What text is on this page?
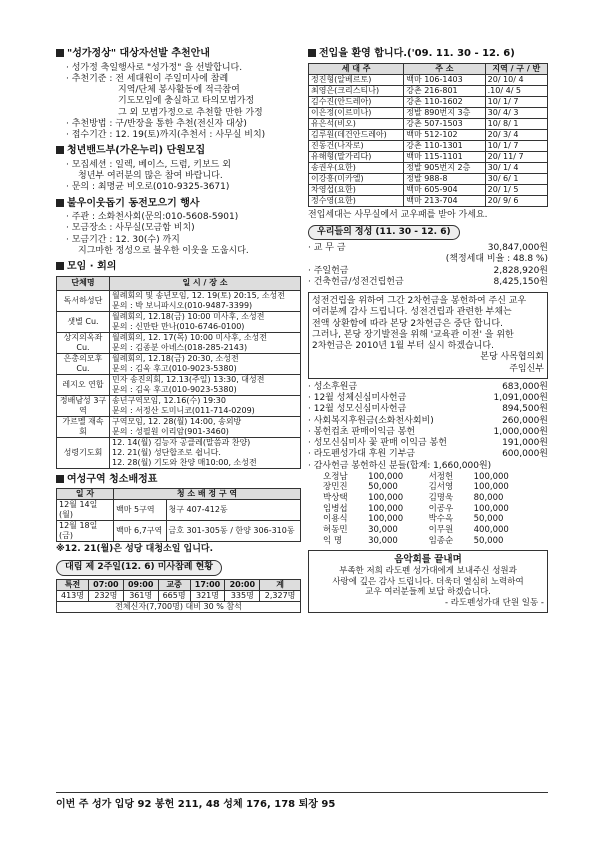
"성가정상" 대상자선발 추천안내
· 성가정 축일행사로 "성가정" 을 선발합니다.
· 추천기준 : 전 세대원이 주일미사에 참례
지역/단체 봉사활동에 적극참여
기도모임에 충실하고 타의모범가정
그 외 모범가정으로 추천할 만한 가정
· 추천방법 : 구/반장을 통한 추천(전신자 대상)
· 접수기간 : 12. 19(토)까지(추천서 : 사무실 비치)
청년밴드부(가온누리) 단원모집
· 모집세션 : 일렉, 베이스, 드럼, 키보드 외
청년부 여러분의 많은 참여 바랍니다.
· 문의 : 최명균 비오로(010-9325-3671)
불우이웃돕기 동전모으기 행사
· 주관 : 소화천사회(문의:010-5608-5901)
· 모금장소 : 사무실(모금함 비치)
· 모금기간 : 12. 30(수) 까지
지그마한 정성으로 불우한 이웃을 도웁시다.
모임 · 회의
단체명	일 시 / 장 소
독서하성단	월례회의 및 송년모임, 12. 19(토) 20:15, 소성전
문의 : 박 보니파시오(010-9487-3399)

샛별 Cu.	월례회의, 12.18(금) 10:00 미사후, 소성전
문의 : 신만탄 만나(010-6746-0100)

상지의옥좌 Cu.	월례회의, 12. 17(목) 10:00 미사후, 소성전
문의 : 김종분 아녜스(018-285-2143)

은총의모후 Cu.	월례회의, 12.18(금) 20:30, 소성전
문의 : 김욱 후고(010-9023-5380)

레지오 연합	민자 송진의회, 12.13(주일) 13:30, 대성전
문의 : 김욱 후고(010-9023-5380)

정배남성 3구역	송년구역모임, 12.16(수) 19:30
문의 : 서정산 도미니코(011-714-0209)

가르멜 재속회	구역모임, 12. 28(월) 14:00, 송외방
문의 : 성필원 이리암(901-3460)

성령기도회	12. 14(월) 김능자 공클레(말씀과 찬양)
12. 21(월) 성단합조로 쉽니다.
12. 28(월) 기도와 찬양 매10:00, 소성전
여성구역 청소배정표
일 자	청 소 배 정 구 역	
12월 14일(월)	백마 5구역	청구 407-412동
12월 18일(금)	백마 6,7구역	금호 301-305동 / 한양 306-310동
※12. 21(월)은 성당 대청소일 입니다.
대림 제 2주일(12. 6) 미사참례 현황
특전	07:00	09:00	교중	17:00	20:00	계
413명	232명	361명	665명	321명	335명	2,327명
전체신자(7,700명) 대비 30 % 참석						
전입을 환영 합니다.('09. 11. 30 - 12. 6)
세 대 주	주 소	지역 / 구 / 반
정진형(알베르토)	백마 106-1403	20/ 10/ 4
최영은(크리스티나)	강촌 216-801	.10/ 4/ 5
김수진(안드레아)	강촌 110-1602	10/ 1/ 7
이은정(이르미나)	정발 890번지 3층	30/ 4/ 3
유은석(비오)	강촌 507-1503	10/ 8/ 1
김루원(데건안드레아)	백마 512-102	20/ 3/ 4
진동건(나자로)	강촌 110-1301	10/ 1/ 7
유해형(말가리다)	백마 115-1101	20/ 11/ 7
송권우(요한)	정발 905번지 2층	30/ 1/ 4
이강흥(미카엘)	정발 988-8	30/ 6/ 1
차영섭(요한)	백마 605-904	20/ 1/ 5
정수영(요한)	백마 213-704	20/ 9/ 6
전입세대는 사무실에서 교우패를 받아 가세요.
우리들의 정성 (11. 30 - 12. 6)
· 교 무 금	30,847,000원
(책정세대 비율 : 48.8 %)
· 주일헌금	2,828,920원
· 건축헌금/성전건립헌금	8,425,150원
성전건립을 위하여 그간 2차헌금을 봉헌하여 주신 교우
여러분께 감사 드립니다. 성전건립과 관련한 부채는
전액 상환함에 따라 본당 2차헌금은 중단 합니다.
그러나, 본당 장기발전을 위해 '교육관 이전' 을 위한
2차헌금은 2010년 1월 부터 실시 하겠습니다.
본당 사목협의회
주임신부
· 성소후원금	683,000원
· 12월 성체신심미사헌금	1,091,000원
· 12월 성모신심미사헌금	894,500원
· 사회복지후원금(소화천사회비)	260,000원
· 봉헌컵초 판매이익금 봉헌	1,000,000원
· 성모신심미사 꽃 판매 이익금 봉헌	191,000원
· 라도펜성가대 후원 기부금	600,000원
· 감사헌금 봉헌하신 분들(합계: 1,660,000원)
오정남	100,000	서정헌	100,000
장민진	50,000	김서영	100,000
박상택	100,000	김명욱	80,000
임병섭	100,000	이공우	100,000
이용식	100,000	박수옥	50,000
허동민	30,000	이무원	400,000
익 명	30,000	임종순	50,000
음악회를 끝내며
부족한 저희 라도펜 성가대에게 보내주신 성원과
사랑에 깊은 감사 드립니다. 더욱더 열심히 노력하여
교우 여러분들께 보답 하겠습니다.
- 라도펜성가대 단원 일동 -
이번 주 성가 입당 92 봉헌 211, 48 성체 176, 178 퇴장 95
